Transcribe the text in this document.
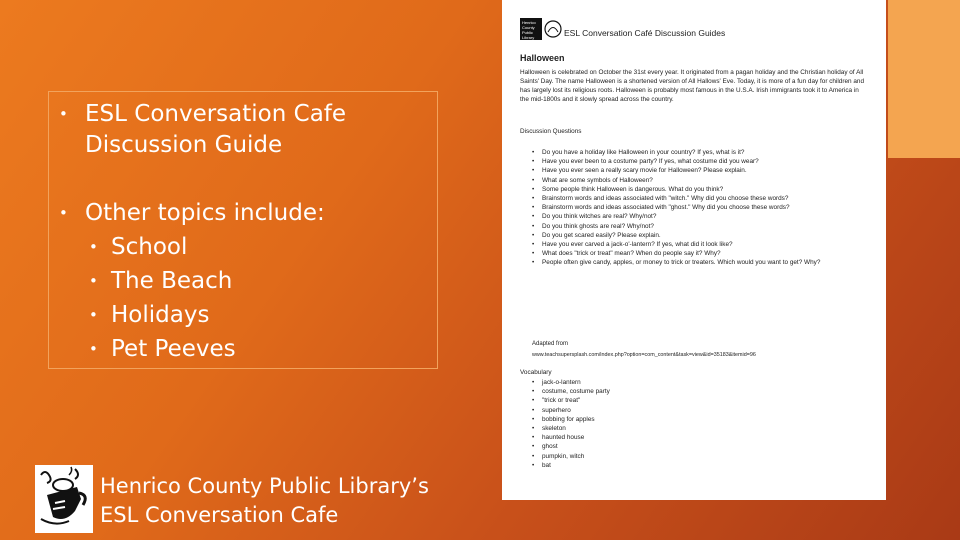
• ESL Conversation Cafe Discussion Guide
• Other topics include:
• School
• The Beach
• Holidays
• Pet Peeves
Henrico County Public Library’s
ESL Conversation Cafe
Henrico
County
Public
Library	ESL Conversation Café Discussion Guides
Halloween

Halloween is celebrated on October the 31st every year. It originated from a pagan holiday and the Christian holiday of All Saints' Day. The name Halloween is a shortened version of All Hallows' Eve. Today, it is more of a fun day for children and has largely lost its religious roots. Halloween is probably most famous in the U.S.A. Irish immigrants took it to America in the mid-1800s and it slowly spread across the country.

Discussion Questions
• Do you have a holiday like Halloween in your country? If yes, what is it?
• Have you ever been to a costume party? If yes, what costume did you wear?
• Have you ever seen a really scary movie for Halloween? Please explain.
• What are some symbols of Halloween?
• Some people think Halloween is dangerous. What do you think?
• Brainstorm words and ideas associated with "witch." Why did you choose these words?
• Brainstorm words and ideas associated with "ghost." Why did you choose these words?
• Do you think witches are real? Why/not?
• Do you think ghosts are real? Why/not?
• Do you get scared easily? Please explain.
• Have you ever carved a jack-o'-lantern? If yes, what did it look like?
• What does "trick or treat" mean? When do people say it? Why?
• People often give candy, apples, or money to trick or treaters. Which would you want to get? Why?
Adapted from
www.teachsupersplash.com/index.php?option=com_content&task=view&id=35183&itemid=96
Vocabulary
• jack-o-lantern
• costume, costume party
• "trick or treat"
• superhero
• bobbing for apples
• skeleton
• haunted house
• ghost
• pumpkin, witch
• bat
